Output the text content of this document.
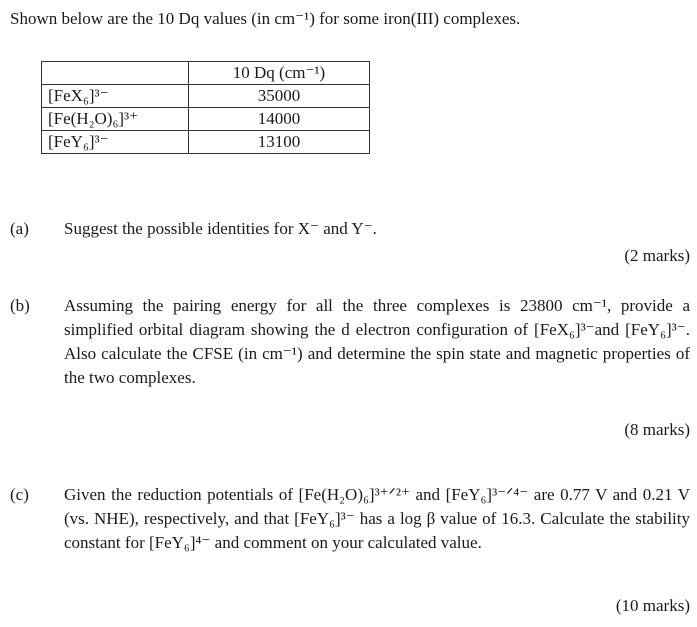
Shown below are the 10 Dq values (in cm⁻¹) for some iron(III) complexes.
	10 Dq (cm⁻¹)
[FeX₆]³⁻	35000
[Fe(H₂O)₆]³⁺	14000
[FeY₆]³⁻	13100
(a) Suggest the possible identities for X⁻ and Y⁻.
(2 marks)
(b) Assuming the pairing energy for all the three complexes is 23800 cm⁻¹, provide a simplified orbital diagram showing the d electron configuration of [FeX₆]³⁻and [FeY₆]³⁻. Also calculate the CFSE (in cm⁻¹) and determine the spin state and magnetic properties of the two complexes.
(8 marks)
(c) Given the reduction potentials of [Fe(H₂O)₆]³⁺ᐟ²⁺ and [FeY₆]³⁻ᐟ⁴⁻ are 0.77 V and 0.21 V (vs. NHE), respectively, and that [FeY₆]³⁻ has a log β value of 16.3. Calculate the stability constant for [FeY₆]⁴⁻ and comment on your calculated value.
(10 marks)
